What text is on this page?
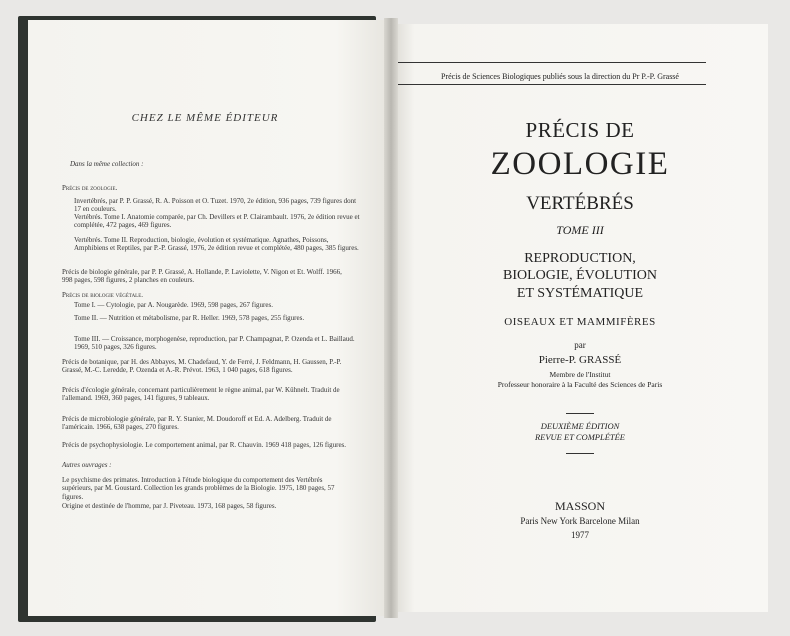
CHEZ LE MÊME ÉDITEUR
Dans la même collection :
Précis de zoologie.
Invertébrés, par P. P. Grassé, R. A. Poisson et O. Tuzet. 1970, 2e édition, 936 pages, 739 figures dont 17 en couleurs.
Vertébrés. Tome I. Anatomie comparée, par Ch. Devillers et P. Clairambault. 1976, 2e édition revue et complétée, 472 pages, 469 figures.
Vertébrés. Tome II. Reproduction, biologie, évolution et systématique. Agnathes, Poissons, Amphibiens et Reptiles, par P.-P. Grassé, 1976, 2e édition revue et complétée, 480 pages, 385 figures.
Précis de biologie générale, par P. P. Grassé, A. Hollande, P. Laviolette, V. Nigon et Et. Wolff. 1966, 998 pages, 598 figures, 2 planches en couleurs.
Précis de biologie végétale.
Tome I. — Cytologie, par A. Nougarède. 1969, 598 pages, 267 figures.
Tome II. — Nutrition et métabolisme, par R. Heller. 1969, 578 pages, 255 figures.
Tome III. — Croissance, morphogenèse, reproduction, par P. Champagnat, P. Ozenda et L. Baillaud. 1969, 510 pages, 326 figures.
Précis de botanique, par H. des Abbayes, M. Chadefaud, Y. de Ferré, J. Feldmann, H. Gaussen, P.-P. Grassé, M.-C. Leredde, P. Ozenda et A.-R. Prévot. 1963, 1 040 pages, 618 figures.
Précis d'écologie générale, concernant particulièrement le règne animal, par W. Kühnelt. Traduit de l'allemand. 1969, 360 pages, 141 figures, 9 tableaux.
Précis de microbiologie générale, par R. Y. Stanier, M. Doudoroff et Ed. A. Adelberg. Traduit de l'américain. 1966, 638 pages, 270 figures.
Précis de psychophysiologie. Le comportement animal, par R. Chauvin. 1969 418 pages, 126 figures.
Autres ouvrages :
Le psychisme des primates. Introduction à l'étude biologique du comportement des Vertébrés supérieurs, par M. Goustard. Collection les grands problèmes de la Biologie. 1975, 180 pages, 57 figures.
Origine et destinée de l'homme, par J. Piveteau. 1973, 168 pages, 58 figures.
Précis de Sciences Biologiques publiés sous la direction du Pr P.-P. Grassé
PRÉCIS DE
ZOOLOGIE
VERTÉBRÉS
TOME III
REPRODUCTION,
BIOLOGIE, ÉVOLUTION
ET SYSTÉMATIQUE
OISEAUX ET MAMMIFÈRES
par
Pierre-P. GRASSÉ
Membre de l'Institut
Professeur honoraire à la Faculté des Sciences de Paris
DEUXIÈME ÉDITION
REVUE ET COMPLÉTÉE
MASSON
Paris New York Barcelone Milan
1977
